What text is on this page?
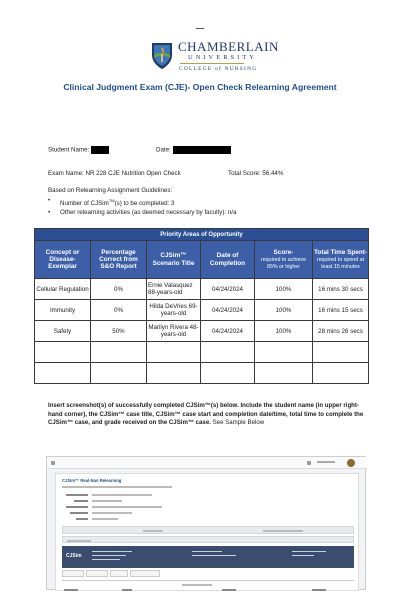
CHAMBERLAIN
UNIVERSITY
COLLEGE of NURSING
Clinical Judgment Exam (CJE)- Open Check Relearning Agreement
Student Name:	Date:
Exam Name: NR 228 CJE Nutrition Open Check	Total Score: 56.44%
Based on Relearning Assignment Guidelines:
• Number of CJSim™(s) to be completed: 3
• Other relearning activities (as deemed necessary by faculty): n/a
Priority Areas of Opportunity					
Concept or Disease-Exemplar	Percentage Correct from S&O Report	CJSim™ Scenario Title	Date of Completion	Score-
required to achieve 85% or higher	Total Time Spent-required to spend at least 15 minutes
Cellular Regulation	0%	Ernie Valasquez 88-years-old	04/24/2024	100%	16 mins 30 secs
Immunity	0%	Hilda DeVries 69-years-old	04/24/2024	100%	16 mins 15 secs
Safety	50%	Marilyn Rivera 48-years-old	04/24/2024	100%	28 mins 26 secs

Insert screenshot(s) of successfully completed CJSim™(s) below. Include the student name (in upper right-hand corner), the CJSim™ case title, CJSim™ case start and completion date/time, total time to complete the CJSim™ case, and grade received on the CJSim™ case. See Sample Below
CJSim™ Real-Nan Relearning
CJSim
